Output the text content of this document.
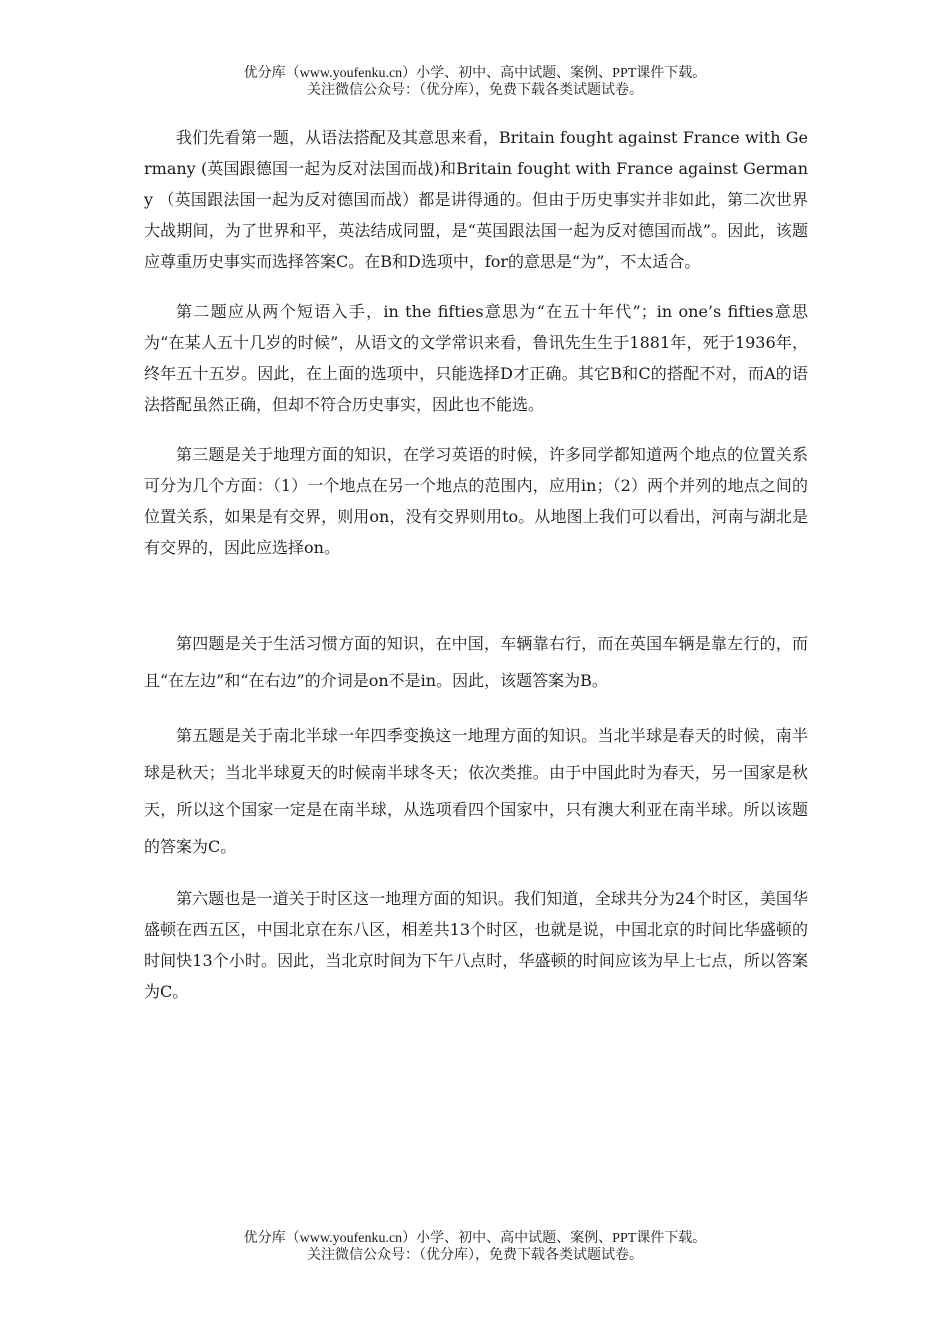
优分库（www.youfenku.cn）小学、初中、高中试题、案例、PPT课件下载。
关注微信公众号：（优分库），免费下载各类试题试卷。

我们先看第一题，从语法搭配及其意思来看，Britain fought against France with Germany (英国跟德国一起为反对法国而战)和Britain fought with France against Germany （英国跟法国一起为反对德国而战）都是讲得通的。但由于历史事实并非如此，第二次世界大战期间，为了世界和平，英法结成同盟，是“英国跟法国一起为反对德国而战”。因此，该题应尊重历史事实而选择答案C。在B和D选项中，for的意思是“为”，不太适合。

第二题应从两个短语入手，in the fifties意思为“在五十年代”；in one’s fifties意思为“在某人五十几岁的时候”，从语文的文学常识来看，鲁讯先生生于1881年，死于1936年，终年五十五岁。因此，在上面的选项中，只能选择D才正确。其它B和C的搭配不对，而A的语法搭配虽然正确，但却不符合历史事实，因此也不能选。

第三题是关于地理方面的知识，在学习英语的时候，许多同学都知道两个地点的位置关系可分为几个方面：（1）一个地点在另一个地点的范围内，应用in；（2）两个并列的地点之间的位置关系，如果是有交界，则用on，没有交界则用to。从地图上我们可以看出，河南与湖北是有交界的，因此应选择on。

第四题是关于生活习惯方面的知识，在中国，车辆靠右行，而在英国车辆是靠左行的，而且“在左边”和“在右边”的介词是on不是in。因此，该题答案为B。

第五题是关于南北半球一年四季变换这一地理方面的知识。当北半球是春天的时候，南半球是秋天；当北半球夏天的时候南半球冬天；依次类推。由于中国此时为春天，另一国家是秋天，所以这个国家一定是在南半球，从选项看四个国家中，只有澳大利亚在南半球。所以该题的答案为C。

第六题也是一道关于时区这一地理方面的知识。我们知道，全球共分为24个时区，美国华盛顿在西五区，中国北京在东八区，相差共13个时区，也就是说，中国北京的时间比华盛顿的时间快13个小时。因此，当北京时间为下午八点时，华盛顿的时间应该为早上七点，所以答案为C。

优分库（www.youfenku.cn）小学、初中、高中试题、案例、PPT课件下载。
关注微信公众号：（优分库），免费下载各类试题试卷。
